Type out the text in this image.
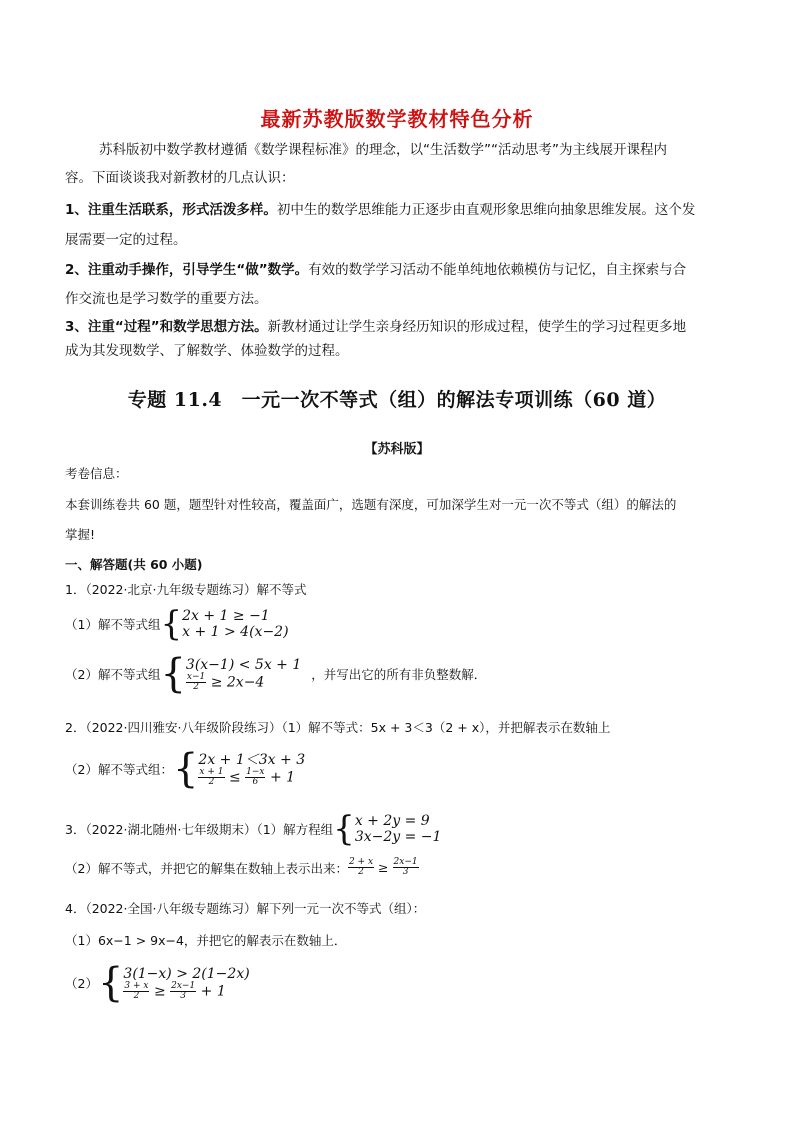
最新苏教版数学教材特色分析
苏科版初中数学教材遵循《数学课程标准》的理念，以“生活数学”“活动思考”为主线展开课程内
容。下面谈谈我对新教材的几点认识：
1、注重生活联系，形式活泼多样。初中生的数学思维能力正逐步由直观形象思维向抽象思维发展。这个发
展需要一定的过程。
2、注重动手操作，引导学生“做”数学。有效的数学学习活动不能单纯地依赖模仿与记忆，自主探索与合
作交流也是学习数学的重要方法。
3、注重“过程”和数学思想方法。新教材通过让学生亲身经历知识的形成过程，使学生的学习过程更多地
成为其发现数学、了解数学、体验数学的过程。
专题 11.4　一元一次不等式（组）的解法专项训练（60 道）
【苏科版】
考卷信息：
本套训练卷共 60 题，题型针对性较高，覆盖面广，选题有深度，可加深学生对一元一次不等式（组）的解法的
掌握!
一、解答题(共 60 小题)
1．（2022·北京·九年级专题练习）解不等式
（1）解不等式组 { 2x + 1 ≥ −1
x + 1 > 4(x−2)
（2）解不等式组 { 3(x−1) < 5x + 1
$\frac{x-1}{2} \ge 2x-4$	，并写出它的所有非负整数解．
2．（2022·四川雅安·八年级阶段练习）（1）解不等式：5x + 3＜3（2 + x），并把解表示在数轴上
（2）解不等式组： { 2x + 1＜3x + 3
$\frac{x + 1}{2} \le \frac{1-x}{6} + 1$
3．（2022·湖北随州·七年级期末）（1）解方程组 { x + 2y = 9
3x−2y = −1
（2）解不等式，并把它的解集在数轴上表示出来： $\frac{2 + x}{2} \ge \frac{2x-1}{3}$
4．（2022·全国·八年级专题练习）解下列一元一次不等式（组）：
（1）6x−1 > 9x−4，并把它的解表示在数轴上．
（2） { 3(1−x) > 2(1−2x)
$\frac{3 + x}{2} \ge \frac{2x-1}{3} + 1$
